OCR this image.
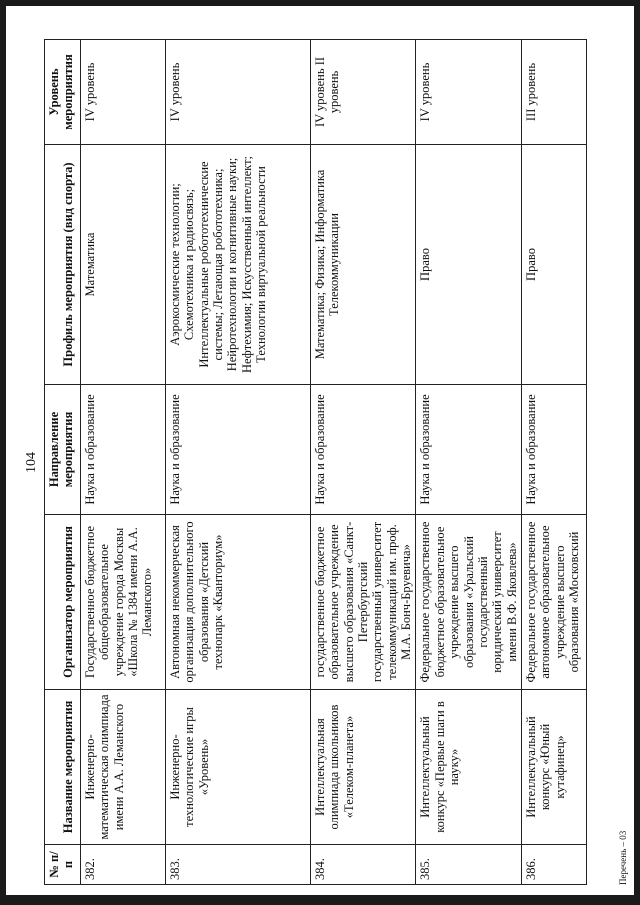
104
№ п/п	Название мероприятия	Организатор мероприятия	Направление мероприятия	Профиль мероприятия (вид спорта)	Уровень мероприятия
382.	Инженерно-математическая олимпиада имени А.А. Леманского	Государственное бюджетное общеобразовательное учреждение города Москвы «Школа № 1384 имени А.А. Леманского»	Наука и образование	Математика	IV уровень
383.	Инженерно-технологические игры «Уровень»	Автономная некоммерческая организация дополнительного образования «Детский технопарк «Кванториум»	Наука и образование	Аэрокосмические технологии; Схемотехника и радиосвязь; Интеллектуальные робототехнические системы; Летающая робототехника; Нейротехнологии и когнитивные науки; Нефтехимия; Искусственный интеллект; Технологии виртуальной реальности	IV уровень
384.	Интеллектуальная олимпиада школьников «Телеком-планета»	государственное бюджетное образовательное учреждение высшего образования «Санкт-Петербургский государственный университет телекоммуникаций им. проф. М.А. Бонч-Бруевича»	Наука и образование	Математика; Физика; Информатика Телекоммуникации	IV уровень II уровень
385.	Интеллектуальный конкурс «Первые шаги в науку»	Федеральное государственное бюджетное образовательное учреждение высшего образования «Уральский государственный юридический университет имени В.Ф. Яковлева»	Наука и образование	Право	IV уровень
386.	Интеллектуальный конкурс «Юный кутафинец»	Федеральное государственное автономное образовательное учреждение высшего образования «Московский	Наука и образование	Право	III уровень
Перечень – 03
